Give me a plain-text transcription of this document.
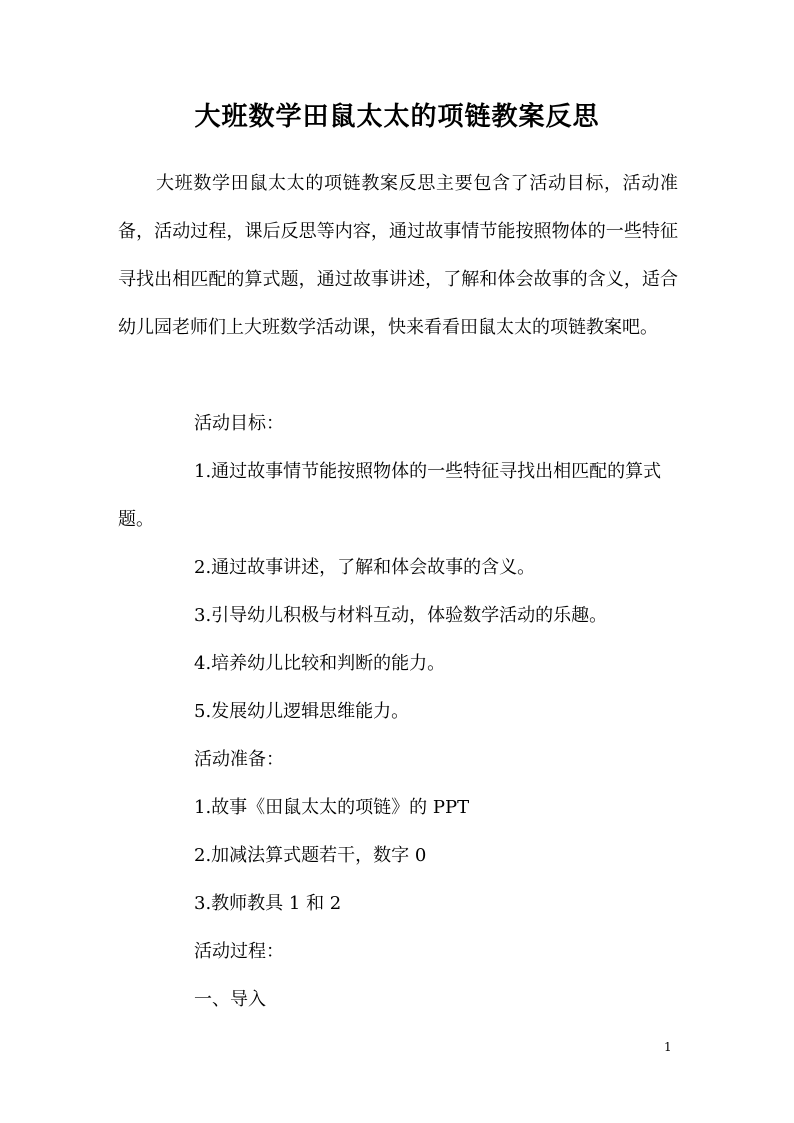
大班数学田鼠太太的项链教案反思

大班数学田鼠太太的项链教案反思主要包含了活动目标，活动准备，活动过程，课后反思等内容，通过故事情节能按照物体的一些特征寻找出相匹配的算式题，通过故事讲述，了解和体会故事的含义，适合幼儿园老师们上大班数学活动课，快来看看田鼠太太的项链教案吧。

活动目标：
1.通过故事情节能按照物体的一些特征寻找出相匹配的算式题。
2.通过故事讲述，了解和体会故事的含义。
3.引导幼儿积极与材料互动，体验数学活动的乐趣。
4.培养幼儿比较和判断的能力。
5.发展幼儿逻辑思维能力。
活动准备：
1.故事《田鼠太太的项链》的 PPT
2.加减法算式题若干，数字 0
3.教师教具 1 和 2
活动过程：
一、导入
1
